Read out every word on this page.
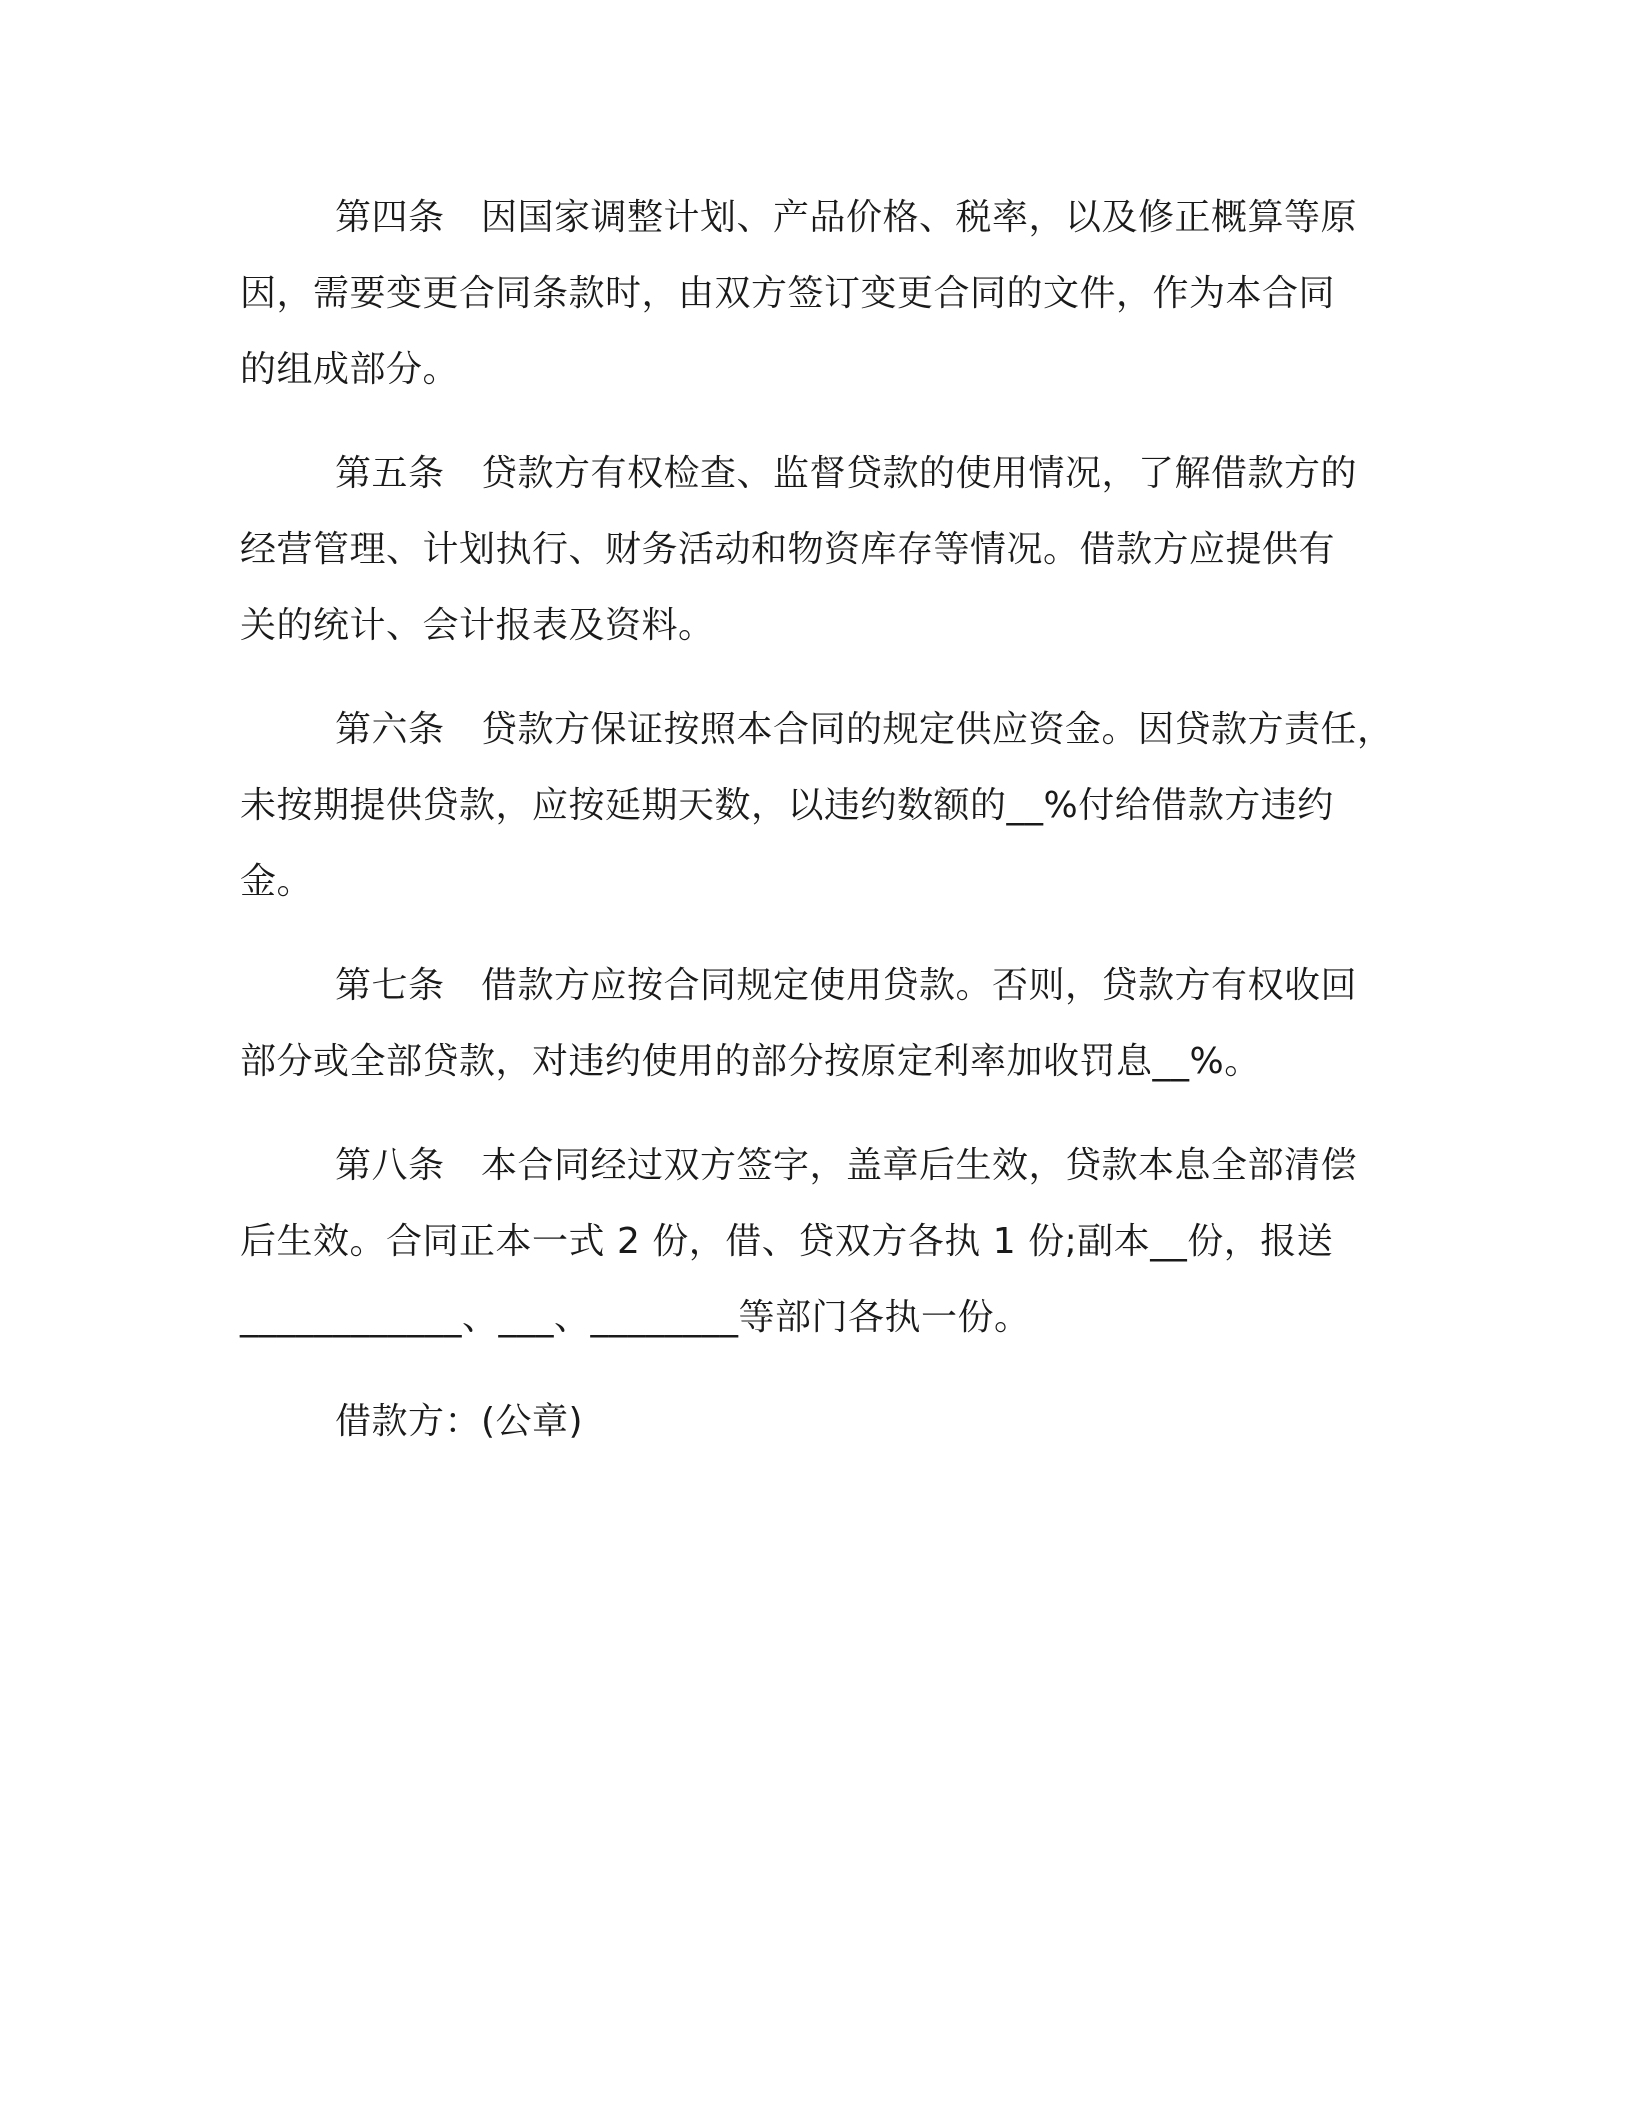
第四条　因国家调整计划、产品价格、税率，以及修正概算等原
因，需要变更合同条款时，由双方签订变更合同的文件，作为本合同
的组成部分。
第五条　贷款方有权检查、监督贷款的使用情况，了解借款方的
经营管理、计划执行、财务活动和物资库存等情况。借款方应提供有
关的统计、会计报表及资料。
第六条　贷款方保证按照本合同的规定供应资金。因贷款方责任，
未按期提供贷款，应按延期天数，以违约数额的__%付给借款方违约
金。
第七条　借款方应按合同规定使用贷款。否则，贷款方有权收回
部分或全部贷款，对违约使用的部分按原定利率加收罚息__%。
第八条　本合同经过双方签字，盖章后生效，贷款本息全部清偿
后生效。合同正本一式 2 份，借、贷双方各执 1 份;副本__份，报送
____________、___、________等部门各执一份。
借款方：(公章)
